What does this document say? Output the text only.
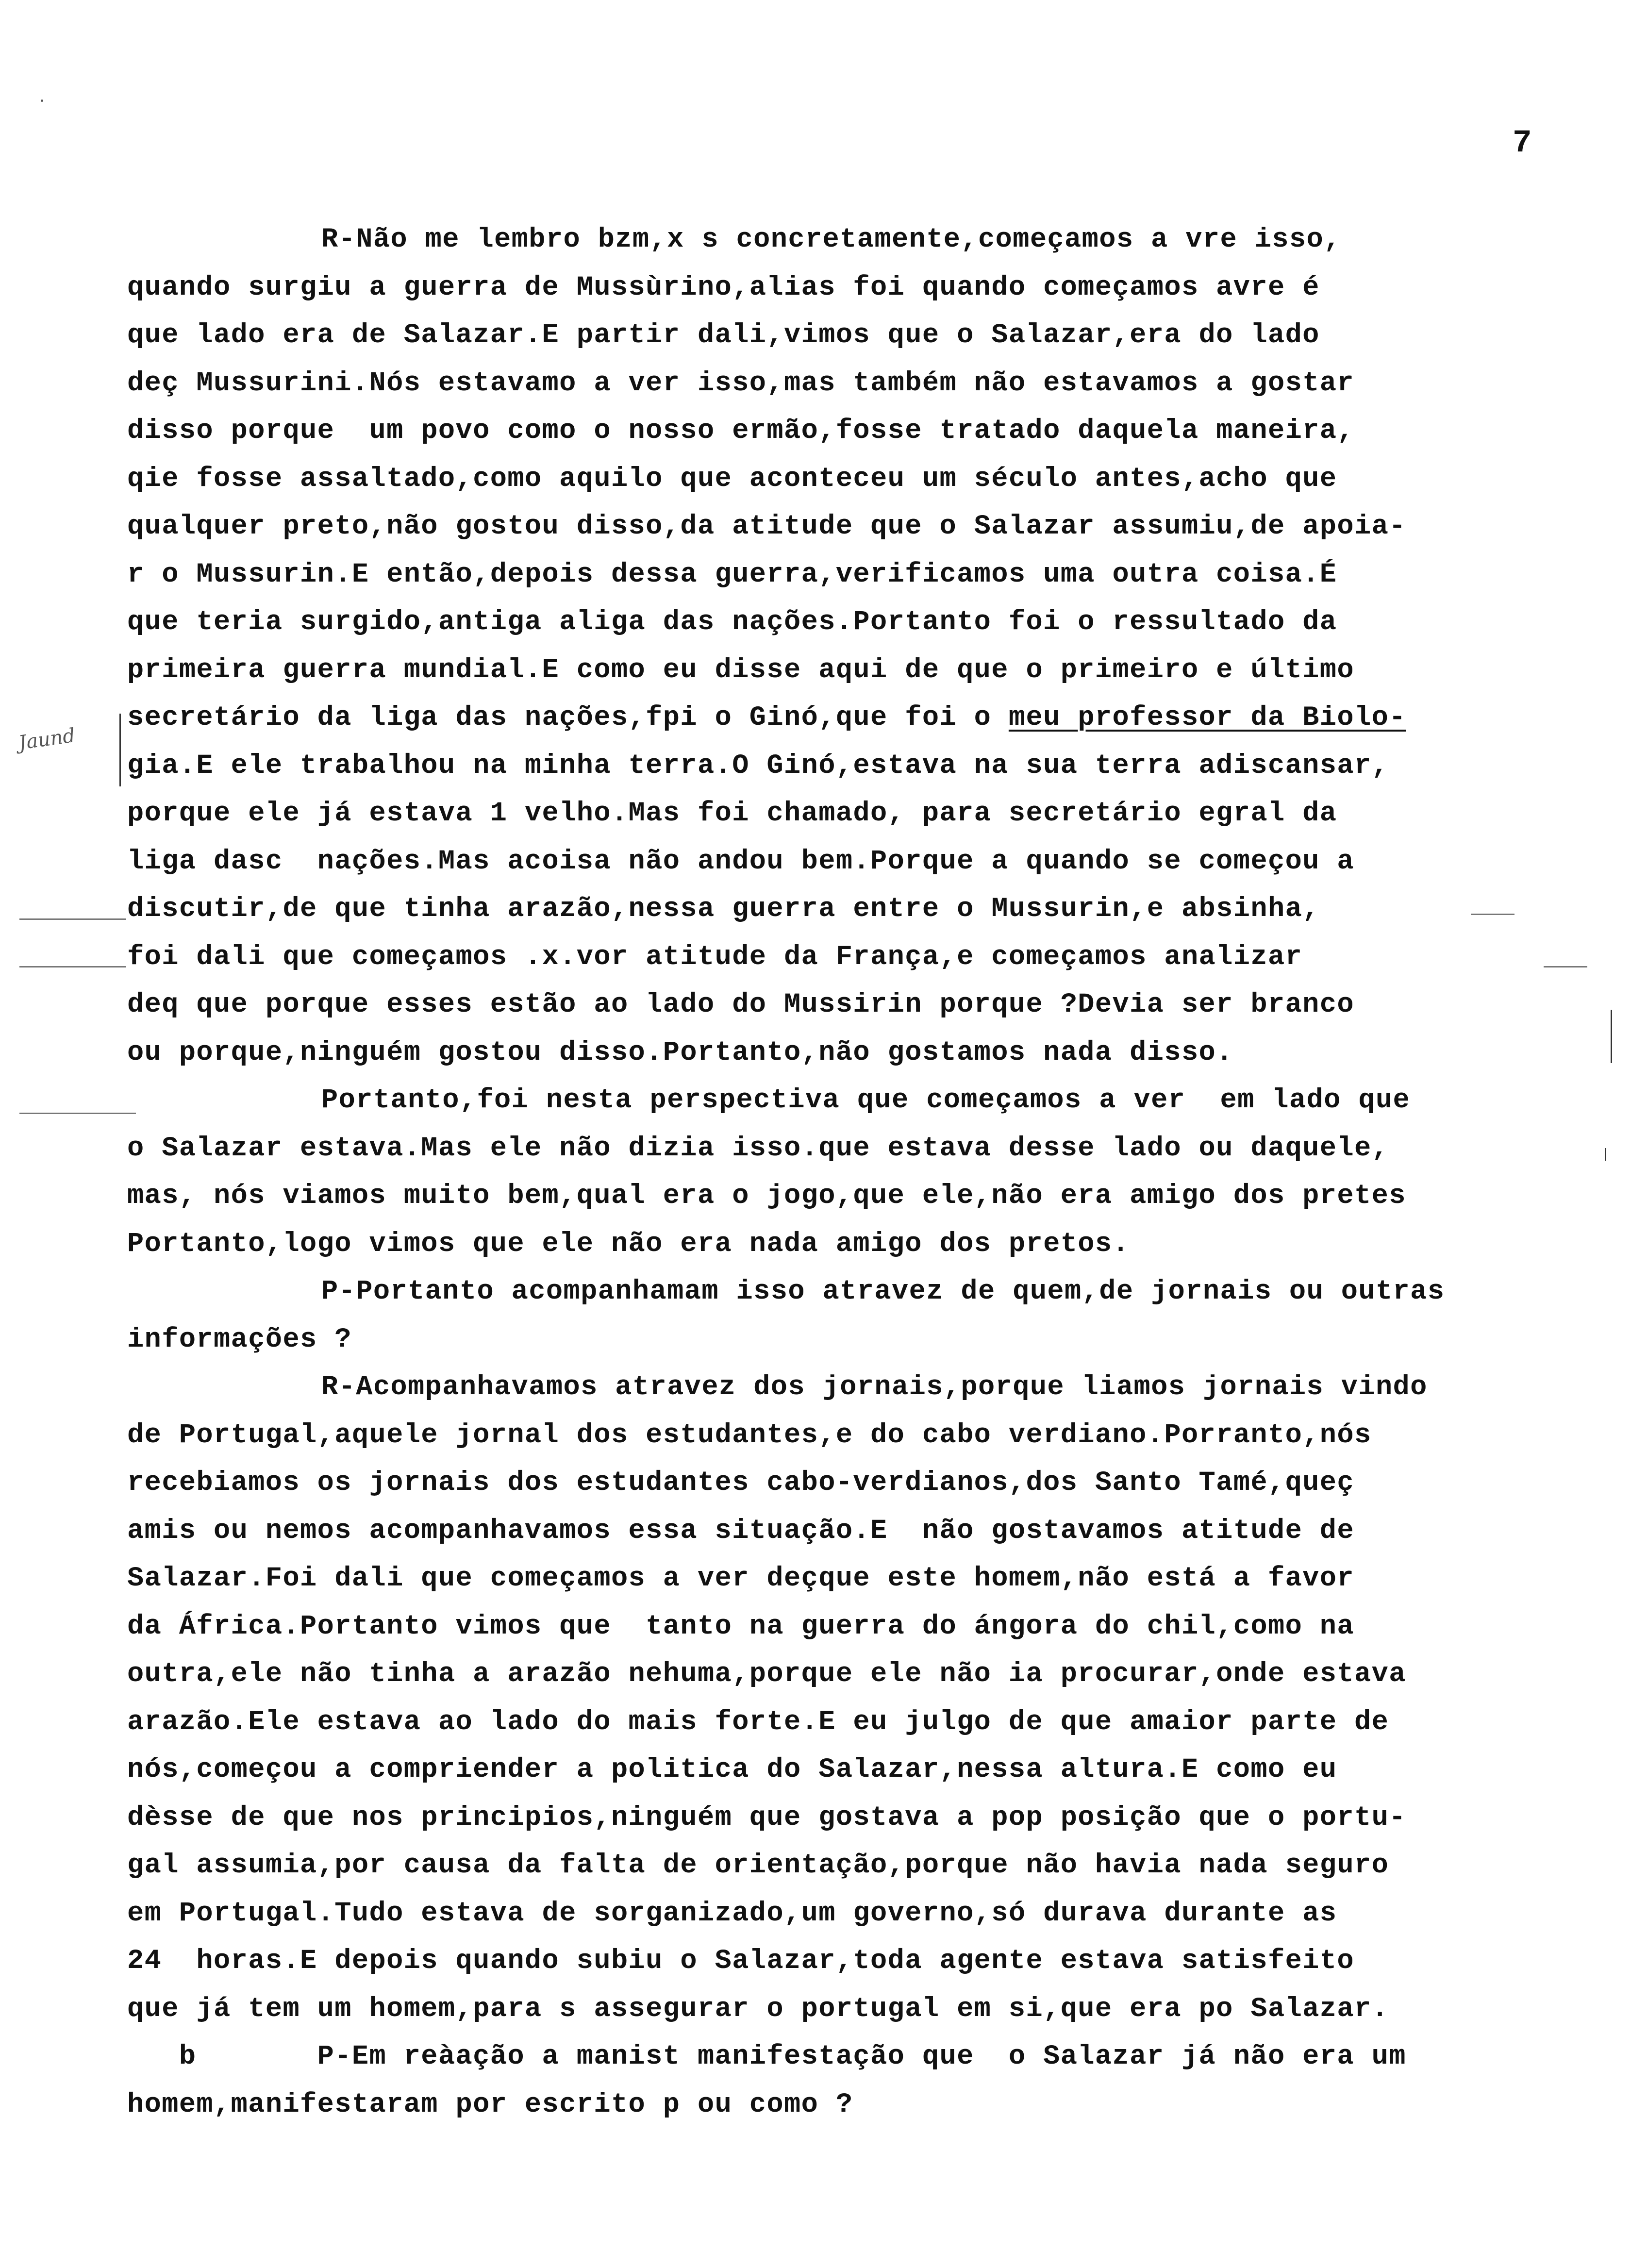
7
Jaund
R-Não me lembro bzm,x s concretamente,começamos a vre isso,
quando surgiu a guerra de Mussùrino,alias foi quando começamos avre é
que lado era de Salazar.E partir dali,vimos que o Salazar,era do lado
deç Mussurini.Nós estavamo a ver isso,mas também não estavamos a gostar
disso porque  um povo como o nosso ermão,fosse tratado daquela maneira,
qie fosse assaltado,como aquilo que aconteceu um século antes,acho que
qualquer preto,não gostou disso,da atitude que o Salazar assumiu,de apoia-
r o Mussurin.E então,depois dessa guerra,verificamos uma outra coisa.É
que teria surgido,antiga aliga das nações.Portanto foi o ressultado da
primeira guerra mundial.E como eu disse aqui de que o primeiro e último
secretário da liga das nações,fpi o Ginó,que foi o meu professor da Biolo-
gia.E ele trabalhou na minha terra.O Ginó,estava na sua terra adiscansar,
porque ele já estava 1 velho.Mas foi chamado, para secretário egral da
liga dasc  nações.Mas acoisa não andou bem.Porque a quando se começou a
discutir,de que tinha arazão,nessa guerra entre o Mussurin,e absinha,
foi dali que começamos .x.vor atitude da França,e começamos analizar
deq que porque esses estão ao lado do Mussirin porque ?Devia ser branco
ou porque,ninguém gostou disso.Portanto,não gostamos nada disso.
Portanto,foi nesta perspectiva que começamos a ver  em lado que
o Salazar estava.Mas ele não dizia isso.que estava desse lado ou daquele,
mas, nós viamos muito bem,qual era o jogo,que ele,não era amigo dos pretes
Portanto,logo vimos que ele não era nada amigo dos pretos.
P-Portanto acompanhamam isso atravez de quem,de jornais ou outras
informações ?
R-Acompanhavamos atravez dos jornais,porque liamos jornais vindo
de Portugal,aquele jornal dos estudantes,e do cabo verdiano.Porranto,nós
recebiamos os jornais dos estudantes cabo-verdianos,dos Santo Tamé,queç
amis ou nemos acompanhavamos essa situação.E  não gostavamos atitude de
Salazar.Foi dali que começamos a ver deçque este homem,não está a favor
da África.Portanto vimos que  tanto na guerra do ángora do chil,como na
outra,ele não tinha a arazão nehuma,porque ele não ia procurar,onde estava
arazão.Ele estava ao lado do mais forte.E eu julgo de que amaior parte de
nós,começou a compriender a politica do Salazar,nessa altura.E como eu
dèsse de que nos principios,ninguém que gostava a pop posição que o portu-
gal assumia,por causa da falta de orientação,porque não havia nada seguro
em Portugal.Tudo estava de sorganizado,um governo,só durava durante as
24  horas.E depois quando subiu o Salazar,toda agente estava satisfeito
que já tem um homem,para s assegurar o portugal em si,que era po Salazar.
b       P-Em reàação a manist manifestação que  o Salazar já não era um
homem,manifestaram por escrito p ou como ?
